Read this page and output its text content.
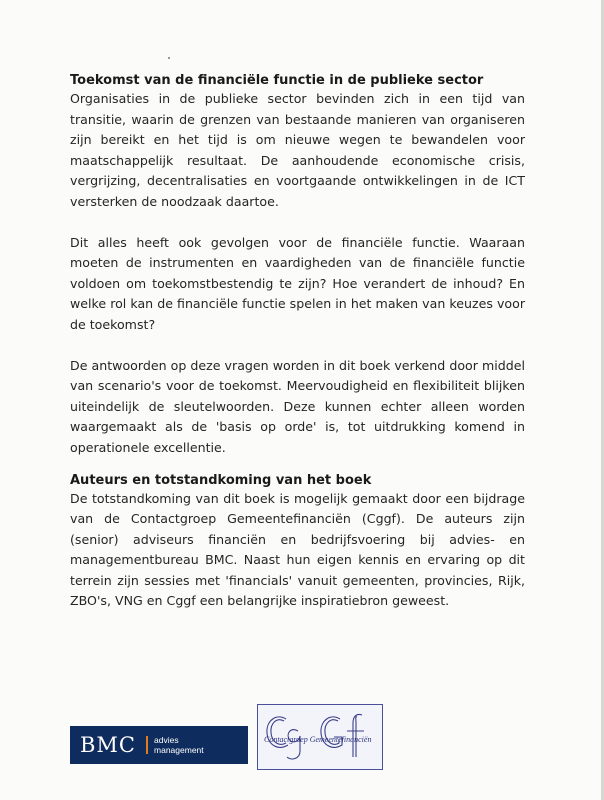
Toekomst van de financiële functie in de publieke sector

Organisaties in de publieke sector bevinden zich in een tijd van transitie, waarin de grenzen van bestaande manieren van organiseren zijn bereikt en het tijd is om nieuwe wegen te bewandelen voor maatschappelijk resultaat. De aanhoudende economische crisis, vergrijzing, decentralisaties en voortgaande ontwikkelingen in de ICT versterken de noodzaak daartoe.

Dit alles heeft ook gevolgen voor de financiële functie. Waaraan moeten de instrumenten en vaardigheden van de financiële functie voldoen om toekomstbestendig te zijn? Hoe verandert de inhoud? En welke rol kan de financiële functie spelen in het maken van keuzes voor de toekomst?

De antwoorden op deze vragen worden in dit boek verkend door middel van scenario's voor de toekomst. Meervoudigheid en flexibiliteit blijken uiteindelijk de sleutelwoorden. Deze kunnen echter alleen worden waargemaakt als de 'basis op orde' is, tot uitdrukking komend in operationele excellentie.

Auteurs en totstandkoming van het boek

De totstandkoming van dit boek is mogelijk gemaakt door een bijdrage van de Contactgroep Gemeentefinanciën (Cggf). De auteurs zijn (senior) adviseurs financiën en bedrijfsvoering bij advies- en managementbureau BMC. Naast hun eigen kennis en ervaring op dit terrein zijn sessies met 'financials' vanuit gemeenten, provincies, Rijk, ZBO's, VNG en Cggf een belangrijke inspiratiebron geweest.

BMC advies
management
Contactgroep Gemeentefinanciën
